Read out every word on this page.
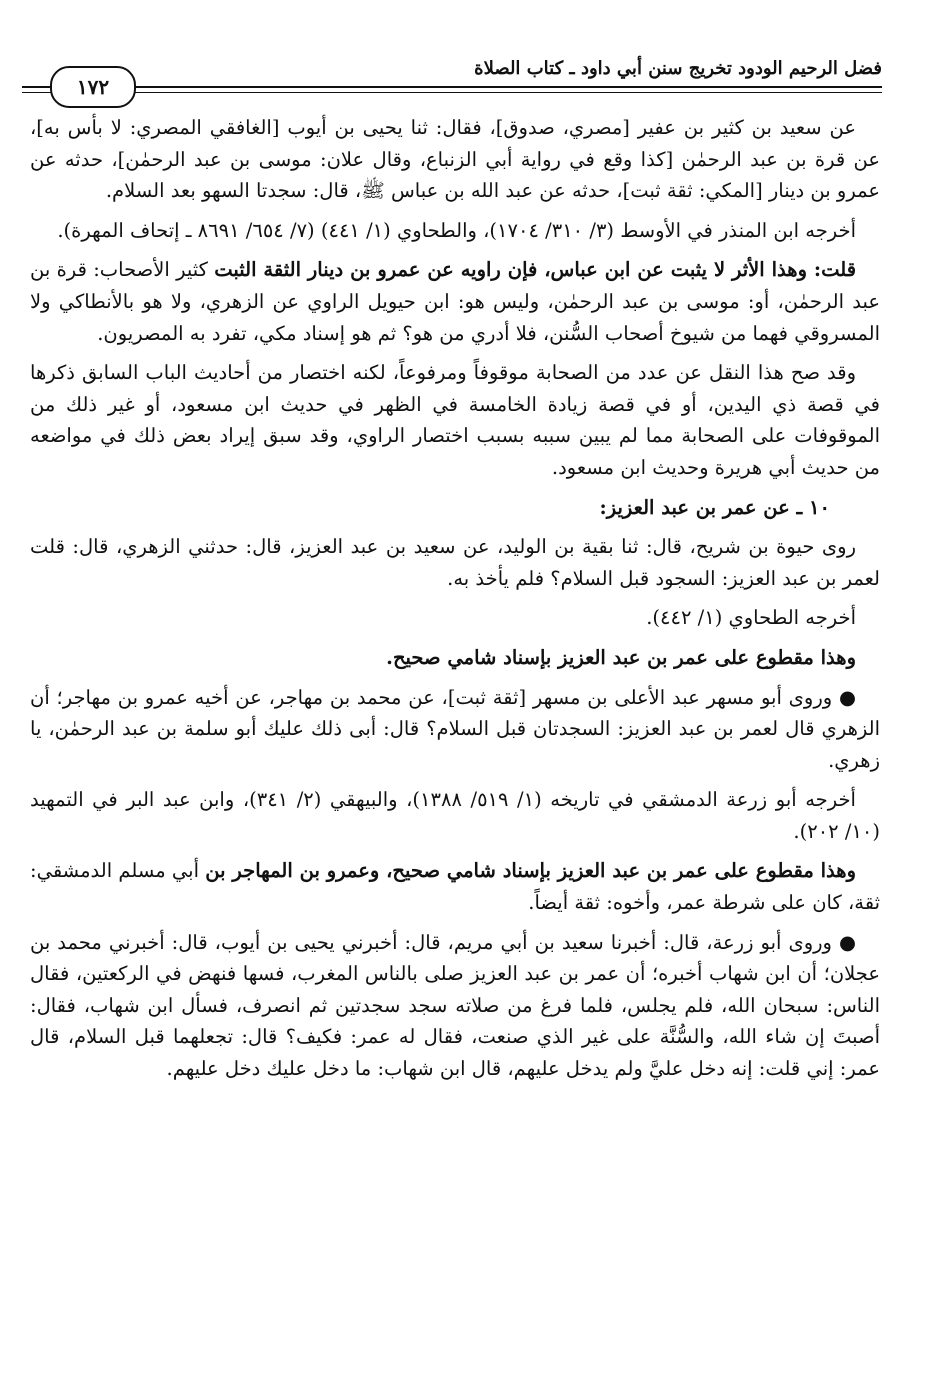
فضل الرحيم الودود تخريج سنن أبي داود ـ كتاب الصلاة
١٧٢

عن سعيد بن كثير بن عفير [مصري، صدوق]، فقال: ثنا يحيى بن أيوب [الغافقي المصري: لا بأس به]، عن قرة بن عبد الرحمٰن [كذا وقع في رواية أبي الزنباع، وقال علان: موسى بن عبد الرحمٰن]، حدثه عن عمرو بن دينار [المكي: ثقة ثبت]، حدثه عن عبد الله بن عباس ﷺ، قال: سجدتا السهو بعد السلام.

أخرجه ابن المنذر في الأوسط (٣/ ٣١٠/ ١٧٠٤)، والطحاوي (١/ ٤٤١) (٧/ ٦٥٤/ ٨٦٩١ ـ إتحاف المهرة).

قلت: وهذا الأثر لا يثبت عن ابن عباس، فإن راويه عن عمرو بن دينار الثقة الثبت كثير الأصحاب: قرة بن عبد الرحمٰن، أو: موسى بن عبد الرحمٰن، وليس هو: ابن حيويل الراوي عن الزهري، ولا هو بالأنطاكي ولا المسروقي فهما من شيوخ أصحاب السُّنن، فلا أدري من هو؟ ثم هو إسناد مكي، تفرد به المصريون.

وقد صح هذا النقل عن عدد من الصحابة موقوفاً ومرفوعاً، لكنه اختصار من أحاديث الباب السابق ذكرها في قصة ذي اليدين، أو في قصة زيادة الخامسة في الظهر في حديث ابن مسعود، أو غير ذلك من الموقوفات على الصحابة مما لم يبين سببه بسبب اختصار الراوي، وقد سبق إيراد بعض ذلك في مواضعه من حديث أبي هريرة وحديث ابن مسعود.

١٠ ـ عن عمر بن عبد العزيز:

روى حيوة بن شريح، قال: ثنا بقية بن الوليد، عن سعيد بن عبد العزيز، قال: حدثني الزهري، قال: قلت لعمر بن عبد العزيز: السجود قبل السلام؟ فلم يأخذ به.

أخرجه الطحاوي (١/ ٤٤٢).

وهذا مقطوع على عمر بن عبد العزيز بإسناد شامي صحيح.

● وروى أبو مسهر عبد الأعلى بن مسهر [ثقة ثبت]، عن محمد بن مهاجر، عن أخيه عمرو بن مهاجر؛ أن الزهري قال لعمر بن عبد العزيز: السجدتان قبل السلام؟ قال: أبى ذلك عليك أبو سلمة بن عبد الرحمٰن، يا زهري.

أخرجه أبو زرعة الدمشقي في تاريخه (١/ ٥١٩/ ١٣٨٨)، والبيهقي (٢/ ٣٤١)، وابن عبد البر في التمهيد (١٠/ ٢٠٢).

وهذا مقطوع على عمر بن عبد العزيز بإسناد شامي صحيح، وعمرو بن المهاجر بن أبي مسلم الدمشقي: ثقة، كان على شرطة عمر، وأخوه: ثقة أيضاً.

● وروى أبو زرعة، قال: أخبرنا سعيد بن أبي مريم، قال: أخبرني يحيى بن أيوب، قال: أخبرني محمد بن عجلان؛ أن ابن شهاب أخبره؛ أن عمر بن عبد العزيز صلى بالناس المغرب، فسها فنهض في الركعتين، فقال الناس: سبحان الله، فلم يجلس، فلما فرغ من صلاته سجد سجدتين ثم انصرف، فسأل ابن شهاب، فقال: أصبتَ إن شاء الله، والسُّنَّة على غير الذي صنعت، فقال له عمر: فكيف؟ قال: تجعلهما قبل السلام، قال عمر: إني قلت: إنه دخل عليَّ ولم يدخل عليهم، قال ابن شهاب: ما دخل عليك دخل عليهم.
